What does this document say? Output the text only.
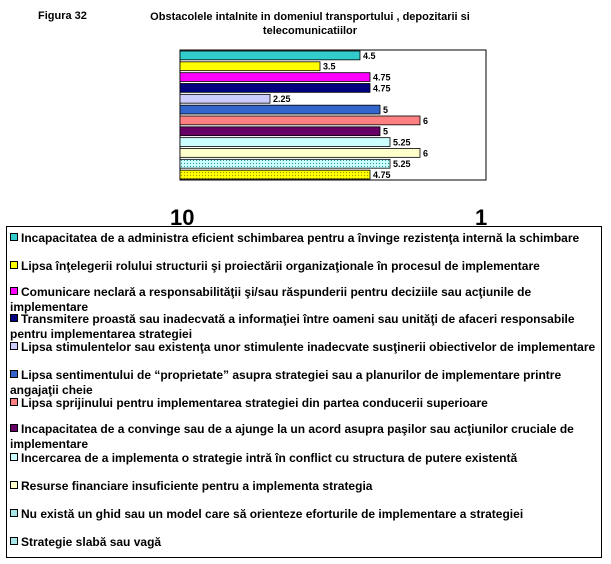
Figura 32	Obstacolele intalnite in domeniul transportului , depozitarii si telecomunicatiilor
4.5
3.5
4.75
4.75
2.25
5
6
5
5.25
6
5.25
4.75
10	1
Incapacitatea de a administra eficient schimbarea pentru a învinge rezistenţa internă la schimbare
Lipsa înţelegerii rolului structurii şi proiectării organizaţionale în procesul de implementare
Comunicare neclară a responsabilităţii şi/sau răspunderii pentru deciziile sau acţiunile de implementare
Transmitere proastă sau inadecvată a informaţiei între oameni sau unităţi de afaceri responsabile pentru implementarea strategiei
Lipsa stimulentelor sau existenţa unor stimulente inadecvate susţinerii obiectivelor de implementare
Lipsa sentimentului de “proprietate” asupra strategiei sau a planurilor de implementare printre angajaţii cheie
Lipsa sprijinului pentru implementarea strategiei din partea conducerii superioare
Incapacitatea de a convinge sau de a ajunge la un acord asupra paşilor sau acţiunilor cruciale de implementare
Incercarea de a implementa o strategie intră în conflict cu structura de putere existentă
Resurse financiare insuficiente pentru a implementa strategia
Nu există un ghid sau un model care să orienteze eforturile de implementare a strategiei
Strategie slabă sau vagă
